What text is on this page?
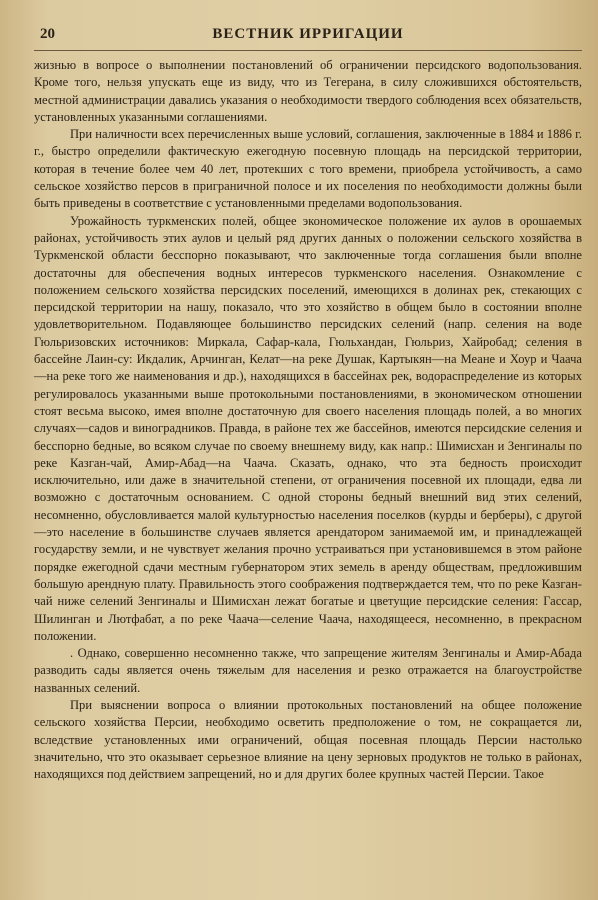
20	ВЕСТНИК ИРРИГАЦИИ

жизнью в вопросе о выполнении постановлений об ограничении персидского водопользования. Кроме того, нельзя упускать еще из виду, что из Тегерана, в силу сложившихся обстоятельств, местной администрации давались указания о необходимости твердого соблюдения всех обязательств, установленных указанными соглашениями.

При наличности всех перечисленных выше условий, соглашения, заключенные в 1884 и 1886 г. г., быстро определили фактическую ежегодную посевную площадь на персидской территории, которая в течение более чем 40 лет, протекших с того времени, приобрела устойчивость, а само сельское хозяйство персов в пригpаничной полосе и их поселения по необходимости должны были быть приведены в соответствие с установленными пределами водопользования.

Урожайность туркменских полей, общее экономическое положение их аулов в орошаемых районах, устойчивость этих аулов и целый ряд других данных о положении сельского хозяйства в Туркменской области бесспорно показывают, что заключенные тогда соглашения были вполне достаточны для обеспечения водных интересов туркменского населения. Ознакомление с положением сельского хозяйства персидских поселений, имеющихся в долинах рек, стекающих с персидской территории на нашу, показало, что это хозяйство в общем было в состоянии вполне удовлетворительном. Подавляющее большинство персидских селений (напр. селения на воде Гюльризовских источников: Миркала, Сафар-кала, Гюльхандан, Гюльриз, Хайробад; селения в бассейне Лаин-су: Икдалик, Арчинган, Келат—на реке Душак, Картыкян—на Меане и Хоур и Чаача—на реке того же наименования и др.), находящихся в бассейнах рек, водораспределение из которых регулировалось указанными выше протокольными постановлениями, в экономическом отношении стоят весьма высоко, имея вполне достаточную для своего населения площадь полей, а во многих случаях—садов и виноградников. Правда, в районе тех же бассейнов, имеются персидские селения и бесспорно бедные, во всяком случае по своему внешнему виду, как напр.: Шимисхан и Зенгиналы по реке Казган-чай, Амир-Абад—на Чаача. Сказать, однако, что эта бедность происходит исключительно, или даже в значительной степени, от ограничения посевной их площади, едва ли возможно с достаточным основанием. С одной стороны бедный внешний вид этих селений, несомненно, обусловливается малой культурностью населения поселков (курды и берберы), с другой—это население в большинстве случаев является арендатором занимаемой им, и принадлежащей государству земли, и не чувствует желания прочно устраиваться при установившемся в этом районе порядке ежегодной сдачи местным губернатором этих земель в аренду обществам, предложившим большую арендную плату. Правильность этого соображения подтверждается тем, что по реке Казган-чай ниже селений Зенгиналы и Шимисхан лежат богатые и цветущие персидские селения: Гассар, Шилинган и Лютфабат, а по реке Чаача—селение Чаача, находящееся, несомненно, в прекрасном положении.

. Однако, совершенно несомненно также, что запрещение жителям Зенгиналы и Амир-Абада разводить сады является очень тяжелым для населения и резко отражается на благоустройстве названных селений.

При выяснении вопроса о влиянии протокольных постановлений на общее положение сельского хозяйства Персии, необходимо осветить предположение о том, не сокращается ли, вследствие установленных ими ограничений, общая посевная площадь Персии настолько значительно, что это оказывает серьезное влияние на цену зерновых продуктов не только в районах, находящихся под действием запрещений, но и для других более крупных частей Персии. Такое
